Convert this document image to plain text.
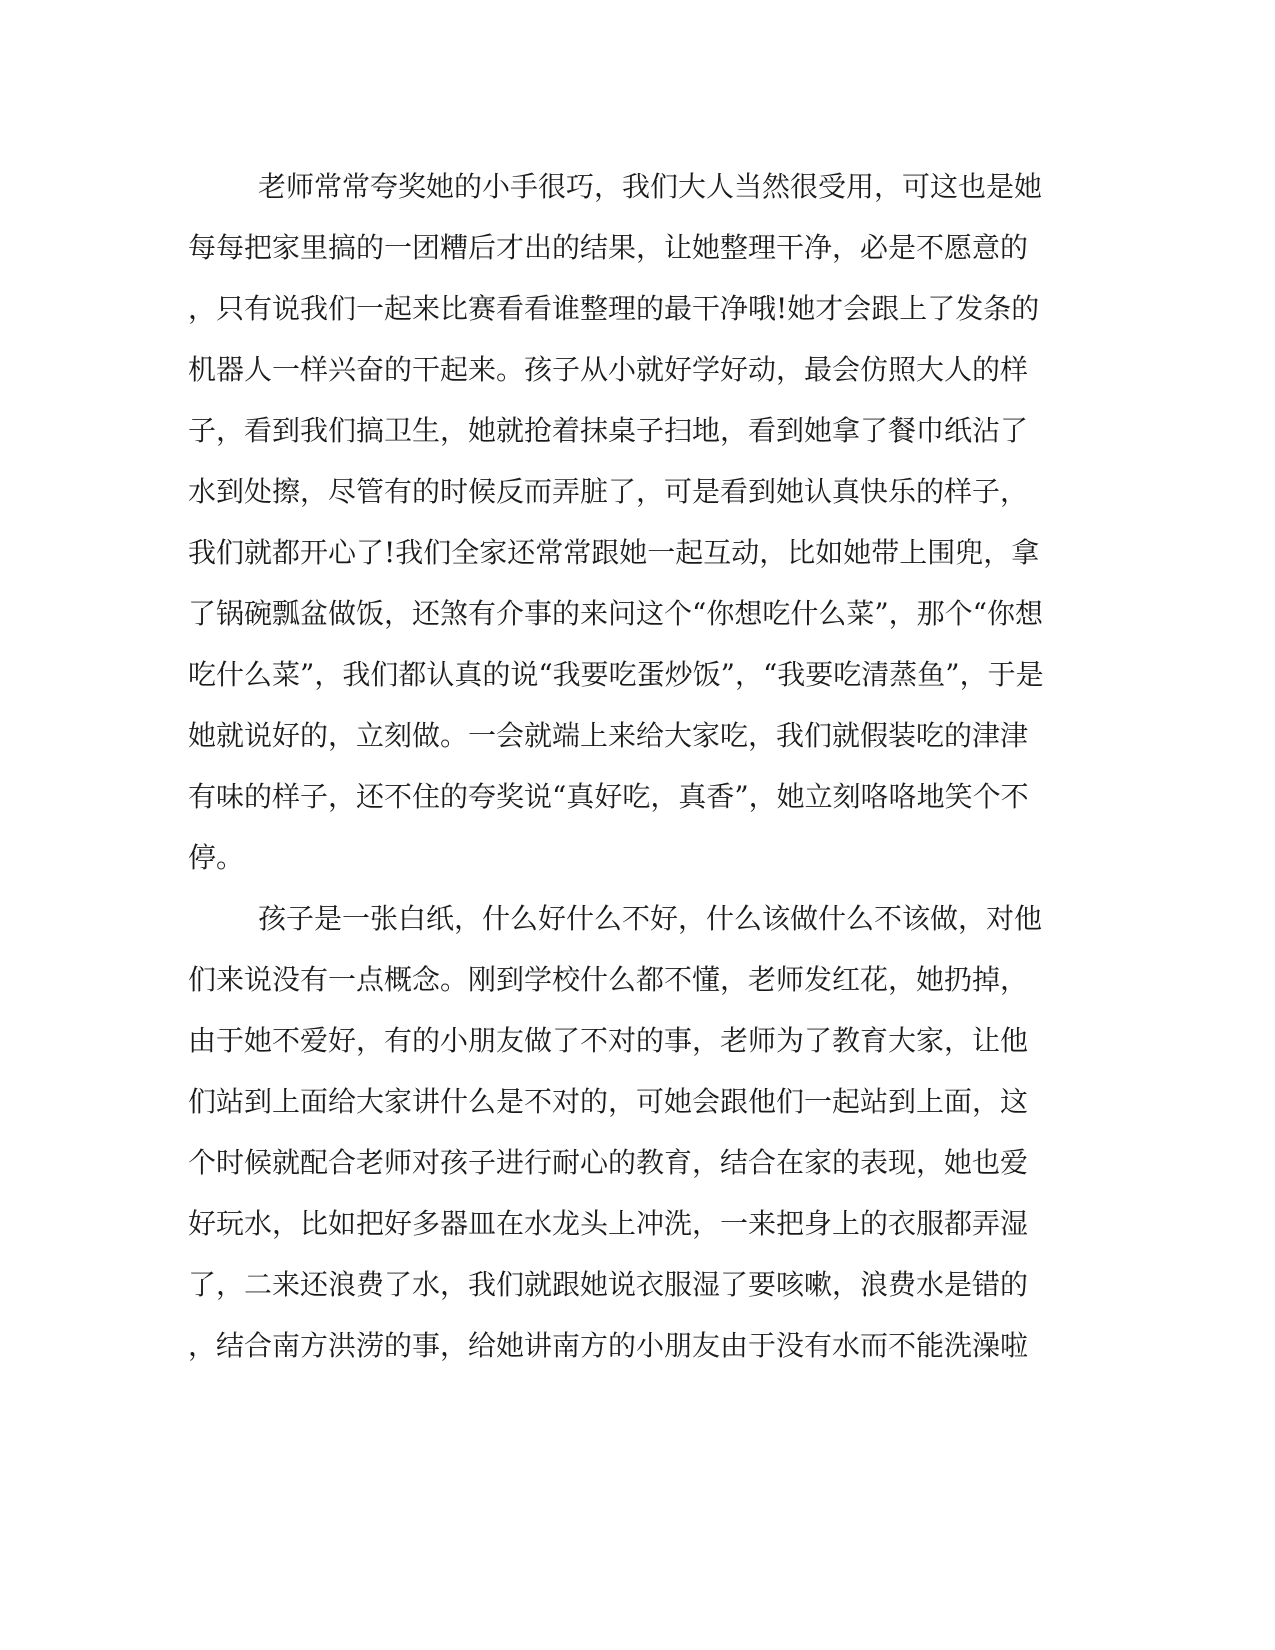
老师常常夸奖她的小手很巧，我们大人当然很受用，可这也是她
每每把家里搞的一团糟后才出的结果，让她整理干净，必是不愿意的
，只有说我们一起来比赛看看谁整理的最干净哦!她才会跟上了发条的
机器人一样兴奋的干起来。孩子从小就好学好动，最会仿照大人的样
子，看到我们搞卫生，她就抢着抹桌子扫地，看到她拿了餐巾纸沾了
水到处擦，尽管有的时候反而弄脏了，可是看到她认真快乐的样子，
我们就都开心了!我们全家还常常跟她一起互动，比如她带上围兜，拿
了锅碗瓢盆做饭，还煞有介事的来问这个“你想吃什么菜”，那个“你想
吃什么菜”，我们都认真的说“我要吃蛋炒饭”，“我要吃清蒸鱼”，于是
她就说好的，立刻做。一会就端上来给大家吃，我们就假装吃的津津
有味的样子，还不住的夸奖说“真好吃，真香”，她立刻咯咯地笑个不
停。
孩子是一张白纸，什么好什么不好，什么该做什么不该做，对他
们来说没有一点概念。刚到学校什么都不懂，老师发红花，她扔掉，
由于她不爱好，有的小朋友做了不对的事，老师为了教育大家，让他
们站到上面给大家讲什么是不对的，可她会跟他们一起站到上面，这
个时候就配合老师对孩子进行耐心的教育，结合在家的表现，她也爱
好玩水，比如把好多器皿在水龙头上冲洗，一来把身上的衣服都弄湿
了，二来还浪费了水，我们就跟她说衣服湿了要咳嗽，浪费水是错的
，结合南方洪涝的事，给她讲南方的小朋友由于没有水而不能洗澡啦
